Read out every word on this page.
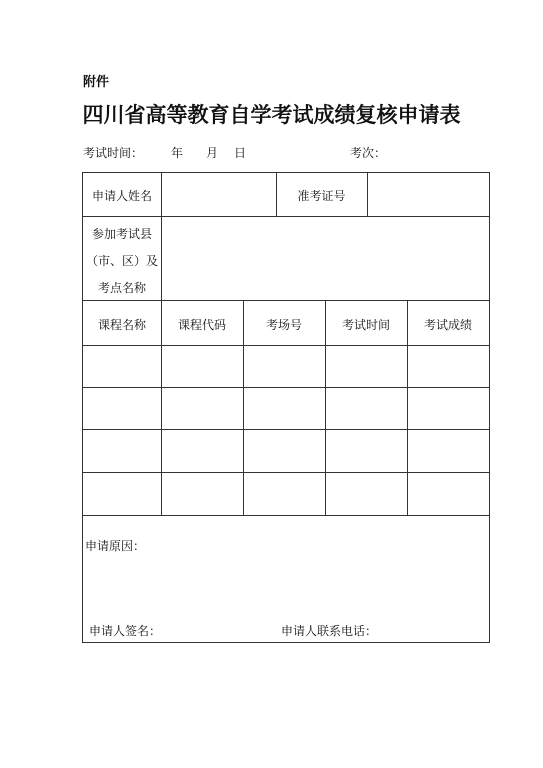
附件
四川省高等教育自学考试成绩复核申请表
考试时间： 年 月 日	考次：
申请人姓名	准考证号
参加考试县
（市、区）及
考点名称
课程名称	课程代码	考场号	考试时间	考试成绩
申请原因：
申请人签名：	申请人联系电话：
